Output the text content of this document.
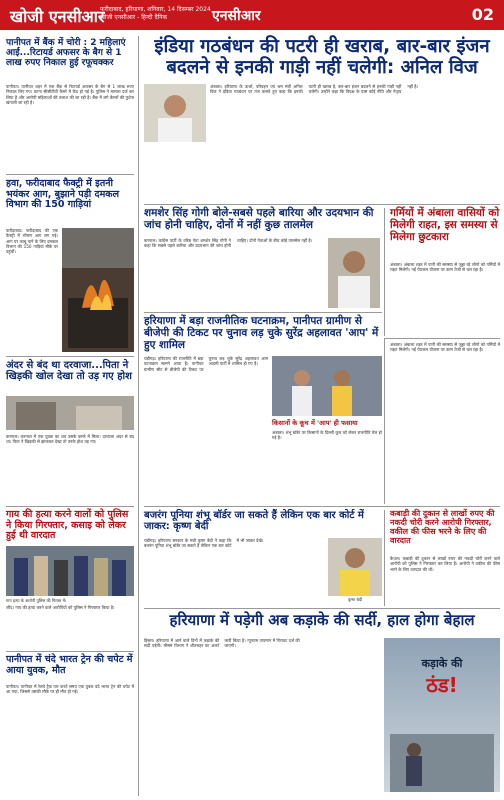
खोजी एनसीआर
फरीदाबाद, हरियाणा, शनिवार, 14 दिसम्बर 2024
खोजी एनसीआर - हिन्दी दैनिक	एनसीआर	02
पानीपत में बैंक में चोरी : 2 महिलाएं आईं...रिटायर्ड अफसर के बैग से 1 लाख रुपए निकाल हुई रफूचक्कर
पानीपत। पानीपत शहर में एक बैंक से रिटायर्ड अफसर के बैग से 1 लाख रुपए निकाल लिए गए। घटना सीसीटीवी कैमरे में कैद हो गई है। पुलिस ने मामला दर्ज कर लिया है और आरोपी महिलाओं की तलाश की जा रही है। बैंक में लगे कैमरों की फुटेज खंगाली जा रही है।
हवा, फरीदाबाद फैक्ट्री में इतनी भयंकर आग, बुझाने पड़ी दमकल विभाग की 150 गाड़ियां
फरीदाबाद। फरीदाबाद की एक फैक्ट्री में भीषण आग लग गई। आग पर काबू पाने के लिए दमकल विभाग की 150 गाड़ियां मौके पर पहुंचीं।
अंदर से बंद था दरवाजा...पिता ने खिड़की खोल देखा तो उड़ गए होश
करनाल। करनाल में एक युवक का शव उसके कमरे में मिला। दरवाजा अंदर से बंद था। पिता ने खिड़की से झांककर देखा तो उनके होश उड़ गए।
गाय की हत्या करने वालों को पुलिस ने किया गिरफ्तार, कसाइ को लेकर हुई थी वारदात
गाय हत्या के आरोपी पुलिस की गिरफ्त में।
जींद। गाय की हत्या करने वाले आरोपियों को पुलिस ने गिरफ्तार किया है।
पानीपत में चंदे भारत ट्रेन की चपेट में आया युवक, मौत
पानीपत। पानीपत में रेलवे ट्रैक पार करते समय एक युवक वंदे भारत ट्रेन की चपेट में आ गया, जिससे उसकी मौके पर ही मौत हो गई।
इंडिया गठबंधन की पटरी ही खराब, बार-बार इंजन
बदलने से इनकी गाड़ी नहीं चलेगी: अनिल विज
अंबाला। हरियाणा के ऊर्जा, परिवहन एवं श्रम मंत्री अनिल विज ने इंडिया गठबंधन पर तंज कसते हुए कहा कि इनकी पटरी ही खराब है, बार-बार इंजन बदलने से इनकी गाड़ी नहीं चलेगी। उन्होंने कहा कि विपक्ष के पास कोई नीति और नेतृत्व नहीं है।
शमशेर सिंह गोगी बोले-सबसे पहले बारिया और उदयभान की जांच होनी चाहिए, दोनों में नहीं कुछ तालमेल
करनाल। कांग्रेस पार्टी के वरिष्ठ नेता शमशेर सिंह गोगी ने कहा कि सबसे पहले बारिया और उदयभान की जांच होनी चाहिए। दोनों नेताओं के बीच कोई तालमेल नहीं है।
गर्मियों में अंबाला वासियों को मिलेगी राहत, इस समस्या से मिलेगा छुटकारा
अंबाला। अंबाला शहर में पानी की समस्या से जूझ रहे लोगों को गर्मियों में राहत मिलेगी। नई पेयजल योजना पर काम तेजी से चल रहा है।
हरियाणा में बड़ा राजनीतिक घटनाक्रम, पानीपत ग्रामीण से बीजेपी की टिकट पर चुनाव लड़ चुके सुरेंद्र अहलावत 'आप' में हुए शामिल
चंडीगढ़। हरियाणा की राजनीति में बड़ा घटनाक्रम सामने आया है। पानीपत ग्रामीण सीट से बीजेपी की टिकट पर चुनाव लड़ चुके सुरेंद्र अहलावत आम आदमी पार्टी में शामिल हो गए हैं।
किसानों के कूच में 'आप' ही फसाया
अंबाला। शंभू बॉर्डर पर किसानों के दिल्ली कूच को लेकर राजनीति तेज हो गई है।
अंबाला। अंबाला शहर में पानी की समस्या से जूझ रहे लोगों को गर्मियों में राहत मिलेगी। नई पेयजल योजना पर काम तेजी से चल रहा है।
बजरंग पूनिया शंभू बॉर्डर जा सकते हैं लेकिन एक बार कोर्ट में जाकर: कृष्ण बेदी
चंडीगढ़। हरियाणा सरकार के मंत्री कृष्ण बेदी ने कहा कि बजरंग पूनिया शंभू बॉर्डर जा सकते हैं लेकिन एक बार कोर्ट में भी जाकर देखें।
कृष्ण बेदी
कबाड़ी की दुकान से लाखों रुपए की नकदी चोरी करने आरोपी गिरफ्तार, वकील की फीस भरने के लिए की वारदात
कैथल। कबाड़ी की दुकान से लाखों रुपए की नकदी चोरी करने वाले आरोपी को पुलिस ने गिरफ्तार कर लिया है। आरोपी ने वकील की फीस भरने के लिए वारदात की थी।
हरियाणा में पड़ेगी अब कड़ाके की सर्दी, हाल होगा बेहाल
हिसार। हरियाणा में आने वाले दिनों में कड़ाके की सर्दी पड़ेगी। मौसम विभाग ने शीतलहर का अलर्ट जारी किया है। न्यूनतम तापमान में गिरावट दर्ज की जाएगी।
कड़ाके की
ठंड!
